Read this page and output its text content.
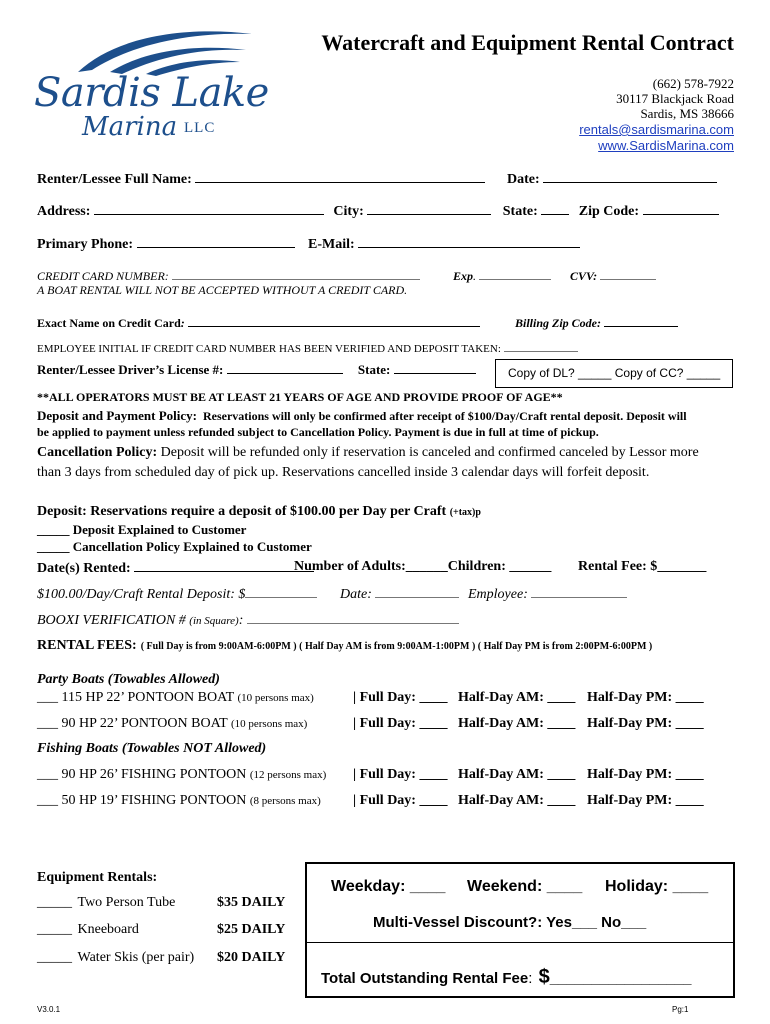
Sardis Lake
Marina LLC
Watercraft and Equipment Rental Contract
(662) 578-7922
30117 Blackjack Road
Sardis, MS 38666
rentals@sardismarina.com
www.SardisMarina.com
Renter/Lessee Full Name:	Date:
Address:	City:	State:	Zip Code:
Primary Phone:	E-Mail:
CREDIT CARD NUMBER:	Exp.	CVV:
A BOAT RENTAL WILL NOT BE ACCEPTED WITHOUT A CREDIT CARD.
Exact Name on Credit Card:	Billing Zip Code:
EMPLOYEE INITIAL IF CREDIT CARD NUMBER HAS BEEN VERIFIED AND DEPOSIT TAKEN:
Renter/Lessee Driver’s License #:	State:	Copy of DL? _____ Copy of CC? _____
**ALL OPERATORS MUST BE AT LEAST 21 YEARS OF AGE AND PROVIDE PROOF OF AGE**
Deposit and Payment Policy: Reservations will only be confirmed after receipt of $100/Day/Craft rental deposit. Deposit will
be applied to payment unless refunded subject to Cancellation Policy. Payment is due in full at time of pickup.
Cancellation Policy: Deposit will be refunded only if reservation is canceled and confirmed canceled by Lessor more
than 3 days from scheduled day of pick up. Reservations cancelled inside 3 calendar days will forfeit deposit.
Deposit: Reservations require a deposit of $100.00 per Day per Craft (+tax)p
_____ Deposit Explained to Customer
_____ Cancellation Policy Explained to Customer
Date(s) Rented:	Number of Adults:______Children: ______ Rental Fee: $_______
$100.00/Day/Craft Rental Deposit: $	Date:	Employee:
BOOXI VERIFICATION # (in Square):
RENTAL FEES: ( Full Day is from 9:00AM-6:00PM ) ( Half Day AM is from 9:00AM-1:00PM ) ( Half Day PM is from 2:00PM-6:00PM )
Party Boats (Towables Allowed)
___ 115 HP 22’ PONTOON BOAT (10 persons max)	| Full Day: ____ Half-Day AM: ____ Half-Day PM: ____
___ 90 HP 22’ PONTOON BOAT (10 persons max)	| Full Day: ____ Half-Day AM: ____ Half-Day PM: ____
Fishing Boats (Towables NOT Allowed)
___ 90 HP 26’ FISHING PONTOON (12 persons max) | Full Day: ____ Half-Day AM: ____ Half-Day PM: ____
___ 50 HP 19’ FISHING PONTOON (8 persons max) | Full Day: ____ Half-Day AM: ____ Half-Day PM: ____
Equipment Rentals:
_____ Two Person Tube	$35 DAILY
_____ Kneeboard	$25 DAILY
_____ Water Skis (per pair) $20 DAILY
Weekday: ____ Weekend: ____ Holiday: ____
Multi-Vessel Discount?: Yes___ No___
Total Outstanding Rental Fee: $_________________
V3.0.1	Pg:1
